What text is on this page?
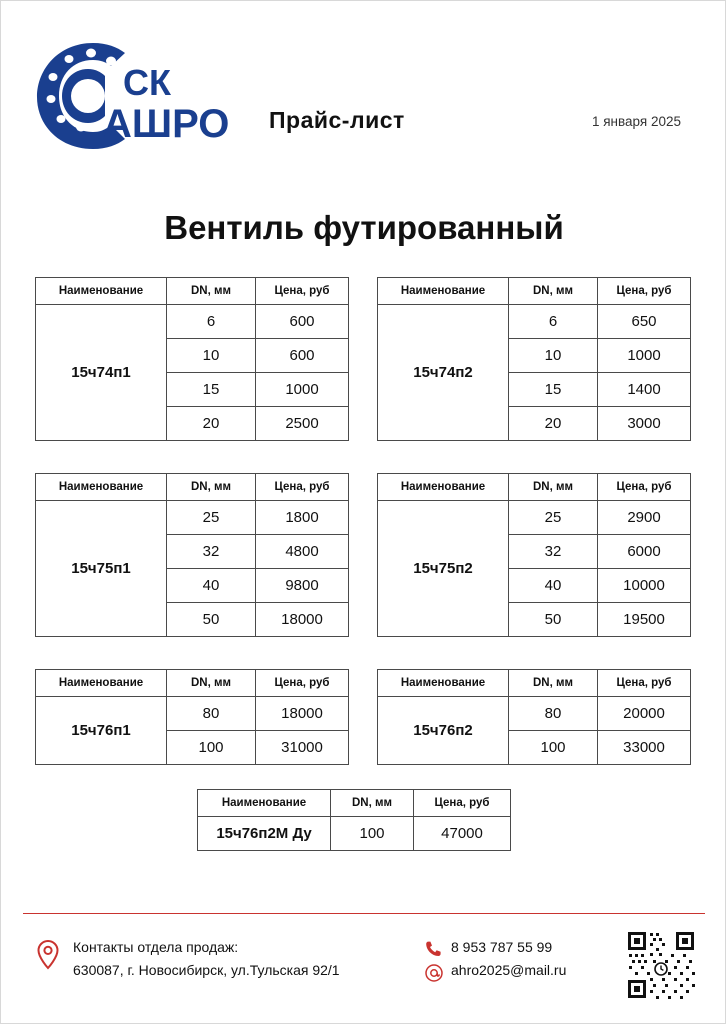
СК
АШРО Прайс-лист	1 января 2025
Вентиль футированный
Наименование	DN, мм	Цена, руб
15ч74п1	6	600
	10	600
	15	1000
	20	2500
Наименование	DN, мм	Цена, руб
15ч74п2	6	650
	10	1000
	15	1400
	20	3000
Наименование	DN, мм	Цена, руб
15ч75п1	25	1800
	32	4800
	40	9800
	50	18000
Наименование	DN, мм	Цена, руб
15ч75п2	25	2900
	32	6000
	40	10000
	50	19500
Наименование	DN, мм	Цена, руб
15ч76п1	80	18000
	100	31000
Наименование	DN, мм	Цена, руб
15ч76п2	80	20000
	100	33000
Наименование	DN, мм	Цена, руб
15ч76п2М Ду	100	47000
Контакты отдела продаж:
630087, г. Новосибирск, ул.Тульская 92/1
8 953 787 55 99
ahro2025@mail.ru
